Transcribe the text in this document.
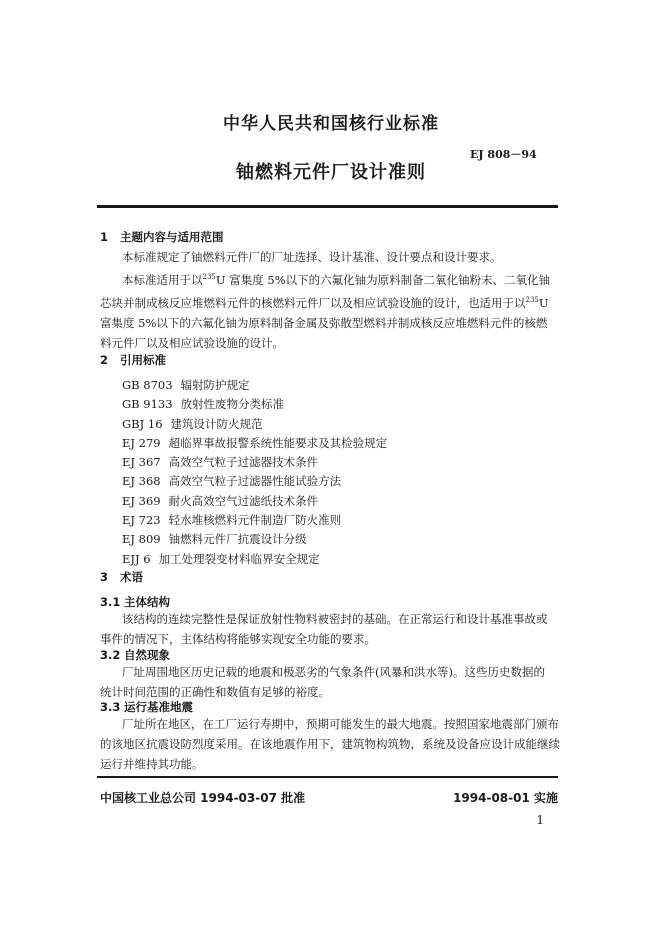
中华人民共和国核行业标准
EJ 808－94
铀燃料元件厂设计准则
1 主题内容与适用范围
本标准规定了铀燃料元件厂的厂址选择、设计基准、设计要点和设计要求。
本标准适用于以$^{235}$U 富集度 5%以下的六氟化铀为原料制备二氧化铀粉末、二氧化铀
芯块并制成核反应堆燃料元件的核燃料元件厂以及相应试验设施的设计，也适用于以$^{235}$U
富集度 5%以下的六氟化铀为原料制备金属及弥散型燃料并制成核反应堆燃料元件的核燃
料元件厂以及相应试验设施的设计。
2 引用标准
GB 8703 辐射防护规定
GB 9133 放射性废物分类标准
GBJ 16 建筑设计防火规范
EJ 279 超临界事故报警系统性能要求及其检验规定
EJ 367 高效空气粒子过滤器技术条件
EJ 368 高效空气粒子过滤器性能试验方法
EJ 369 耐火高效空气过滤纸技术条件
EJ 723 轻水堆核燃料元件制造厂防火准则
EJ 809 铀燃料元件厂抗震设计分级
EJJ 6 加工处理裂变材料临界安全规定
3 术语
3.1 主体结构
该结构的连续完整性是保证放射性物料被密封的基础。在正常运行和设计基准事故或
事件的情况下，主体结构将能够实现安全功能的要求。
3.2 自然现象
厂址周围地区历史记载的地震和极恶劣的气象条件(风暴和洪水等)。这些历史数据的
统计时间范围的正确性和数值有足够的裕度。
3.3 运行基准地震
厂址所在地区，在工厂运行寿期中，预期可能发生的最大地震。按照国家地震部门颁布
的该地区抗震设防烈度采用。在该地震作用下，建筑物构筑物，系统及设备应设计成能继续
运行并维持其功能。
中国核工业总公司 1994-03-07 批准	1994-08-01 实施
1
